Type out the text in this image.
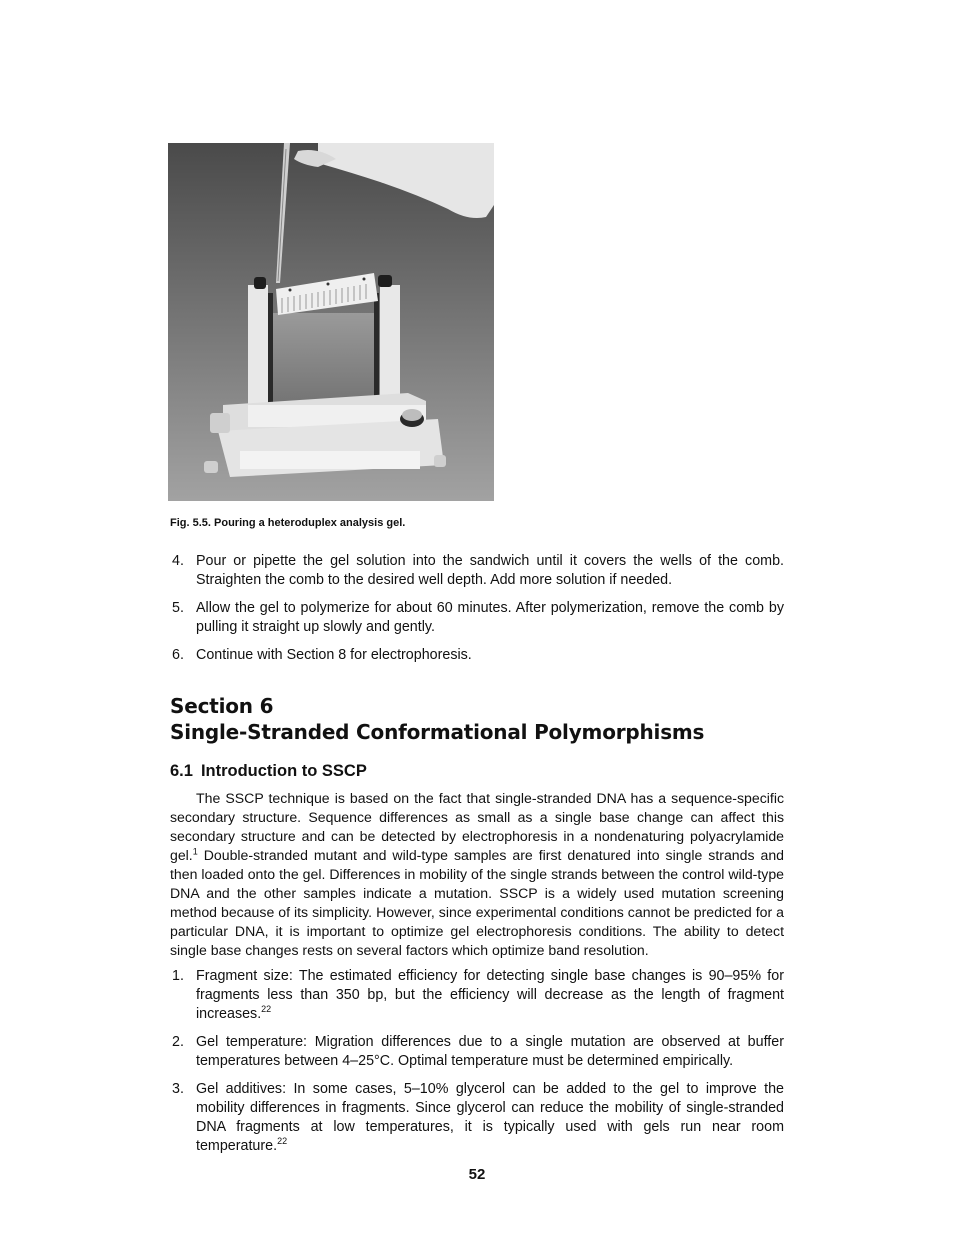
Fig. 5.5. Pouring a heteroduplex analysis gel.
4. Pour or pipette the gel solution into the sandwich until it covers the wells of the comb. Straighten the comb to the desired well depth. Add more solution if needed.
5. Allow the gel to polymerize for about 60 minutes. After polymerization, remove the comb by pulling it straight up slowly and gently.
6. Continue with Section 8 for electrophoresis.
Section 6
Single-Stranded Conformational Polymorphisms
6.1 Introduction to SSCP

The SSCP technique is based on the fact that single-stranded DNA has a sequence-specific secondary structure. Sequence differences as small as a single base change can affect this secondary structure and can be detected by electrophoresis in a nondenaturing polyacrylamide gel.$^1$ Double-stranded mutant and wild-type samples are first denatured into single strands and then loaded onto the gel. Differences in mobility of the single strands between the control wild-type DNA and the other samples indicate a mutation. SSCP is a widely used mutation screening method because of its simplicity. However, since experimental conditions cannot be predicted for a particular DNA, it is important to optimize gel electrophoresis conditions. The ability to detect single base changes rests on several factors which optimize band resolution.

1. Fragment size: The estimated efficiency for detecting single base changes is 90–95% for fragments less than 350 bp, but the efficiency will decrease as the length of fragment increases.$^{22}$
2. Gel temperature: Migration differences due to a single mutation are observed at buffer temperatures between 4–25°C. Optimal temperature must be determined empirically.
3. Gel additives: In some cases, 5–10% glycerol can be added to the gel to improve the mobility differences in fragments. Since glycerol can reduce the mobility of single-stranded DNA fragments at low temperatures, it is typically used with gels run near room temperature.$^{22}$
52
